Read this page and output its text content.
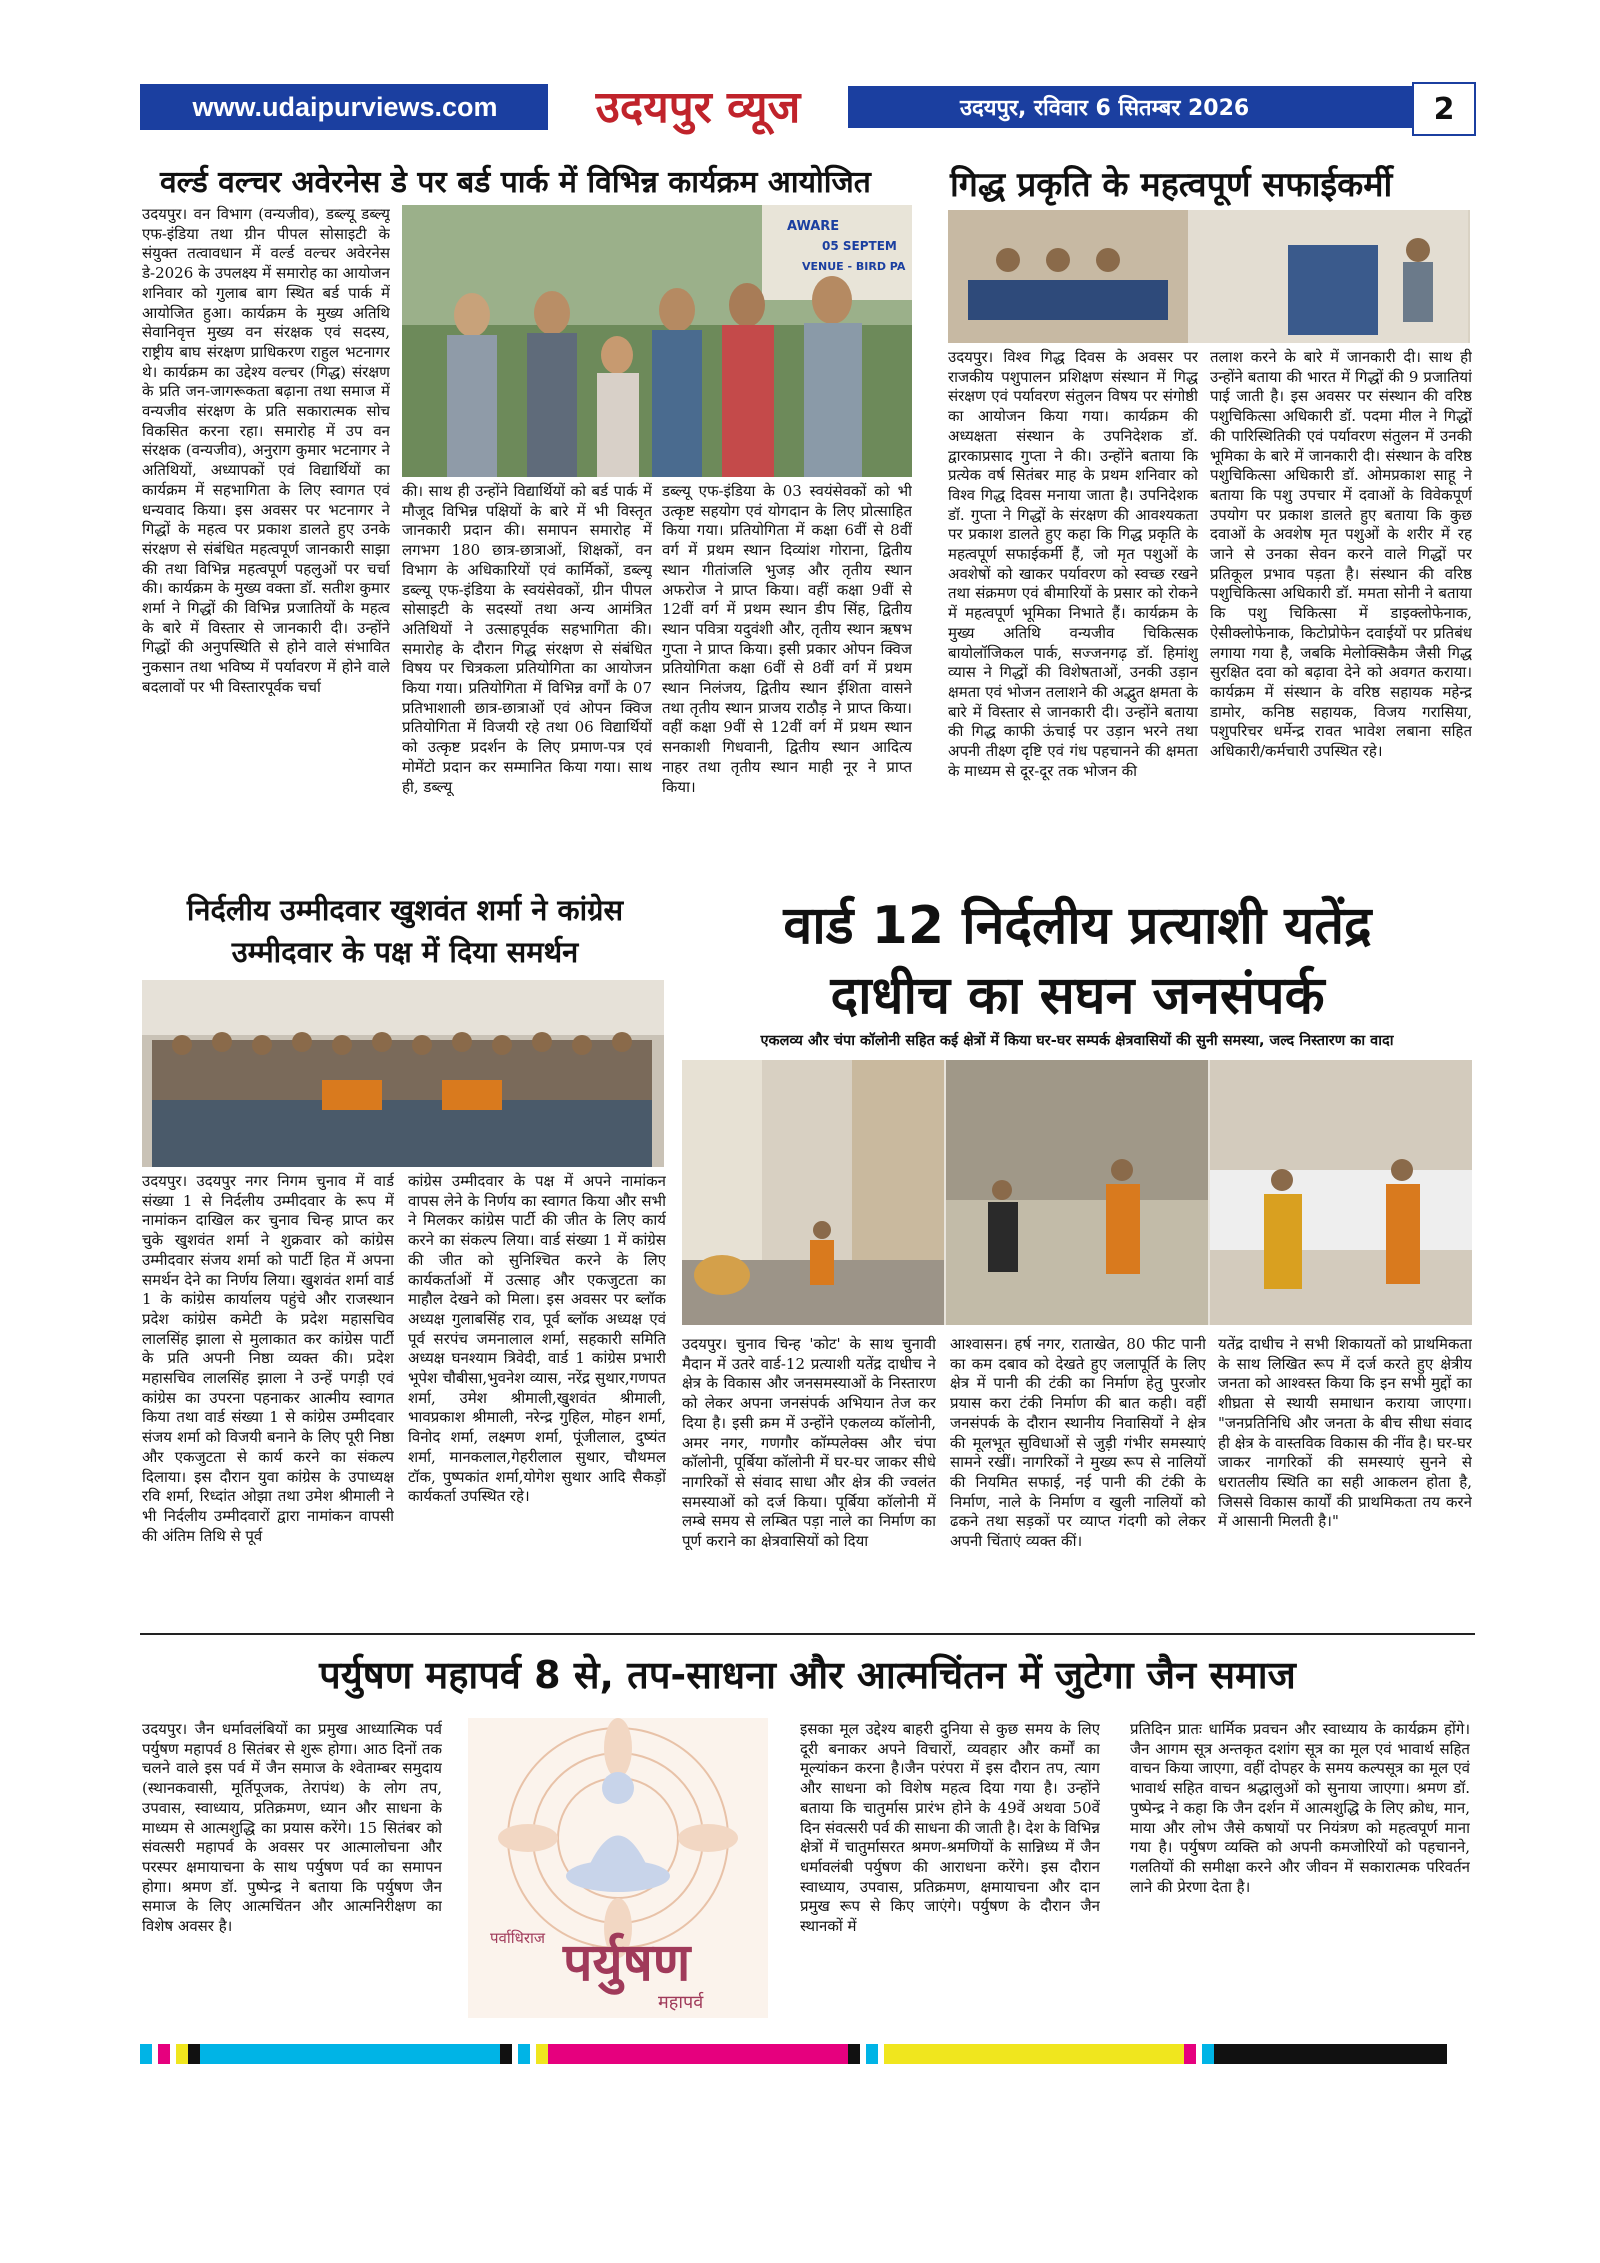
www.udaipurviews.com उदयपुर व्यूज	उदयपुर, रविवार 6 सितम्बर 2026	2
वर्ल्ड वल्चर अवेरनेस डे पर बर्ड पार्क में विभिन्न कार्यक्रम आयोजित
उदयपुर। वन विभाग (वन्यजीव), डब्ल्यू डब्ल्यू एफ-इंडिया तथा ग्रीन पीपल सोसाइटी के संयुक्त तत्वावधान में वर्ल्ड वल्चर अवेरनेस डे-2026 के उपलक्ष्य में समारोह का आयोजन शनिवार को गुलाब बाग स्थित बर्ड पार्क में आयोजित हुआ। कार्यक्रम के मुख्य अतिथि सेवानिवृत्त मुख्य वन संरक्षक एवं सदस्य, राष्ट्रीय बाघ संरक्षण प्राधिकरण राहुल भटनागर थे। कार्यक्रम का उद्देश्य वल्चर (गिद्ध) संरक्षण के प्रति जन-जागरूकता बढ़ाना तथा समाज में वन्यजीव संरक्षण के प्रति सकारात्मक सोच विकसित करना रहा। समारोह में उप वन संरक्षक (वन्यजीव), अनुराग कुमार भटनागर ने अतिथियों, अध्यापकों एवं विद्यार्थियों का कार्यक्रम में सहभागिता के लिए स्वागत एवं धन्यवाद किया। इस अवसर पर भटनागर ने गिद्धों के महत्व पर प्रकाश डालते हुए उनके संरक्षण से संबंधित महत्वपूर्ण जानकारी साझा की तथा विभिन्न महत्वपूर्ण पहलुओं पर चर्चा की। कार्यक्रम के मुख्य वक्ता डॉ. सतीश कुमार शर्मा ने गिद्धों की विभिन्न प्रजातियों के महत्व के बारे में विस्तार से जानकारी दी। उन्होंने गिद्धों की अनुपस्थिति से होने वाले संभावित नुकसान तथा भविष्य में पर्यावरण में होने वाले बदलावों पर भी विस्तारपूर्वक चर्चा
AWARE
05 SEPTEM
VENUE - BIRD PA
की। साथ ही उन्होंने विद्यार्थियों को बर्ड पार्क में मौजूद विभिन्न पक्षियों के बारे में भी विस्तृत जानकारी प्रदान की। समापन समारोह में लगभग 180 छात्र-छात्राओं, शिक्षकों, वन विभाग के अधिकारियों एवं कार्मिकों, डब्ल्यू डब्ल्यू एफ-इंडिया के स्वयंसेवकों, ग्रीन पीपल सोसाइटी के सदस्यों तथा अन्य आमंत्रित अतिथियों ने उत्साहपूर्वक सहभागिता की। समारोह के दौरान गिद्ध संरक्षण से संबंधित विषय पर चित्रकला प्रतियोगिता का आयोजन किया गया। प्रतियोगिता में विभिन्न वर्गों के 07 प्रतिभाशाली छात्र-छात्राओं एवं ओपन क्विज प्रतियोगिता में विजयी रहे तथा 06 विद्यार्थियों को उत्कृष्ट प्रदर्शन के लिए प्रमाण-पत्र एवं मोमेंटो प्रदान कर सम्मानित किया गया। साथ ही, डब्ल्यू
डब्ल्यू एफ-इंडिया के 03 स्वयंसेवकों को भी उत्कृष्ट सहयोग एवं योगदान के लिए प्रोत्साहित किया गया। प्रतियोगिता में कक्षा 6वीं से 8वीं वर्ग में प्रथम स्थान दिव्यांश गोराना, द्वितीय स्थान गीतांजलि भुजड़ और तृतीय स्थान अफरोज ने प्राप्त किया। वहीं कक्षा 9वीं से 12वीं वर्ग में प्रथम स्थान डीप सिंह, द्वितीय स्थान पवित्रा यदुवंशी और, तृतीय स्थान ऋषभ गुप्ता ने प्राप्त किया। इसी प्रकार ओपन क्विज प्रतियोगिता कक्षा 6वीं से 8वीं वर्ग में प्रथम स्थान निलंजय, द्वितीय स्थान ईशिता वासने तथा तृतीय स्थान प्राजय राठौड़ ने प्राप्त किया। वहीं कक्षा 9वीं से 12वीं वर्ग में प्रथम स्थान सनकाशी गिधवानी, द्वितीय स्थान आदित्य नाहर तथा तृतीय स्थान माही नूर ने प्राप्त किया।
गिद्ध प्रकृति के महत्वपूर्ण सफाईकर्मी
उदयपुर। विश्व गिद्ध दिवस के अवसर पर राजकीय पशुपालन प्रशिक्षण संस्थान में गिद्ध संरक्षण एवं पर्यावरण संतुलन विषय पर संगोष्ठी का आयोजन किया गया। कार्यक्रम की अध्यक्षता संस्थान के उपनिदेशक डॉ. द्वारकाप्रसाद गुप्ता ने की। उन्होंने बताया कि प्रत्येक वर्ष सितंबर माह के प्रथम शनिवार को विश्व गिद्ध दिवस मनाया जाता है। उपनिदेशक डॉ. गुप्ता ने गिद्धों के संरक्षण की आवश्यकता पर प्रकाश डालते हुए कहा कि गिद्ध प्रकृति के महत्वपूर्ण सफाईकर्मी हैं, जो मृत पशुओं के अवशेषों को खाकर पर्यावरण को स्वच्छ रखने तथा संक्रमण एवं बीमारियों के प्रसार को रोकने में महत्वपूर्ण भूमिका निभाते हैं। कार्यक्रम के मुख्य अतिथि वन्यजीव चिकित्सक बायोलॉजिकल पार्क, सज्जनगढ़ डॉ. हिमांशु व्यास ने गिद्धों की विशेषताओं, उनकी उड़ान क्षमता एवं भोजन तलाशने की अद्भुत क्षमता के बारे में विस्तार से जानकारी दी। उन्होंने बताया की गिद्ध काफी ऊंचाई पर उड़ान भरने तथा अपनी तीक्ष्ण दृष्टि एवं गंध पहचानने की क्षमता के माध्यम से दूर-दूर तक भोजन की
तलाश करने के बारे में जानकारी दी। साथ ही उन्होंने बताया की भारत में गिद्धों की 9 प्रजातियां पाई जाती है। इस अवसर पर संस्थान की वरिष्ठ पशुचिकित्सा अधिकारी डॉ. पदमा मील ने गिद्धों की पारिस्थितिकी एवं पर्यावरण संतुलन में उनकी भूमिका के बारे में जानकारी दी। संस्थान के वरिष्ठ पशुचिकित्सा अधिकारी डॉ. ओमप्रकाश साहू ने बताया कि पशु उपचार में दवाओं के विवेकपूर्ण उपयोग पर प्रकाश डालते हुए बताया कि कुछ दवाओं के अवशेष मृत पशुओं के शरीर में रह जाने से उनका सेवन करने वाले गिद्धों पर प्रतिकूल प्रभाव पड़ता है। संस्थान की वरिष्ठ पशुचिकित्सा अधिकारी डॉ. ममता सोनी ने बताया कि पशु चिकित्सा में डाइक्लोफेनाक, ऐसीक्लोफेनाक, किटोप्रोफेन दवाईयों पर प्रतिबंध लगाया गया है, जबकि मेलोक्सिकैम जैसी गिद्ध सुरक्षित दवा को बढ़ावा देने को अवगत कराया। कार्यक्रम में संस्थान के वरिष्ठ सहायक महेन्द्र डामोर, कनिष्ठ सहायक, विजय गरासिया, पशुपरिचर धर्मेन्द्र रावत भावेश लबाना सहित अधिकारी/कर्मचारी उपस्थित रहे।
निर्दलीय उम्मीदवार खुशवंत शर्मा ने कांग्रेस
उम्मीदवार के पक्ष में दिया समर्थन
उदयपुर। उदयपुर नगर निगम चुनाव में वार्ड संख्या 1 से निर्दलीय उम्मीदवार के रूप में नामांकन दाखिल कर चुनाव चिन्ह प्राप्त कर चुके खुशवंत शर्मा ने शुक्रवार को कांग्रेस उम्मीदवार संजय शर्मा को पार्टी हित में अपना समर्थन देने का निर्णय लिया। खुशवंत शर्मा वार्ड 1 के कांग्रेस कार्यालय पहुंचे और राजस्थान प्रदेश कांग्रेस कमेटी के प्रदेश महासचिव लालसिंह झाला से मुलाकात कर कांग्रेस पार्टी के प्रति अपनी निष्ठा व्यक्त की। प्रदेश महासचिव लालसिंह झाला ने उन्हें पगड़ी एवं कांग्रेस का उपरना पहनाकर आत्मीय स्वागत किया तथा वार्ड संख्या 1 से कांग्रेस उम्मीदवार संजय शर्मा को विजयी बनाने के लिए पूरी निष्ठा और एकजुटता से कार्य करने का संकल्प दिलाया। इस दौरान युवा कांग्रेस के उपाध्यक्ष रवि शर्मा, रिध्दांत ओझा तथा उमेश श्रीमाली ने भी निर्दलीय उम्मीदवारों द्वारा नामांकन वापसी की अंतिम तिथि से पूर्व
कांग्रेस उम्मीदवार के पक्ष में अपने नामांकन वापस लेने के निर्णय का स्वागत किया और सभी ने मिलकर कांग्रेस पार्टी की जीत के लिए कार्य करने का संकल्प लिया। वार्ड संख्या 1 में कांग्रेस की जीत को सुनिश्चित करने के लिए कार्यकर्ताओं में उत्साह और एकजुटता का माहौल देखने को मिला। इस अवसर पर ब्लॉक अध्यक्ष गुलाबसिंह राव, पूर्व ब्लॉक अध्यक्ष एवं पूर्व सरपंच जमनालाल शर्मा, सहकारी समिति अध्यक्ष घनश्याम त्रिवेदी, वार्ड 1 कांग्रेस प्रभारी भूपेश चौबीसा,भुवनेश व्यास, नरेंद्र सुथार,गणपत शर्मा, उमेश श्रीमाली,खुशवंत श्रीमाली, भावप्रकाश श्रीमाली, नरेन्द्र गुहिल, मोहन शर्मा, विनोद शर्मा, लक्ष्मण शर्मा, पूंजीलाल, दुष्यंत शर्मा, मानकलाल,गेहरीलाल सुथार, चौथमल टॉक, पुष्पकांत शर्मा,योगेश सुथार आदि सैकड़ों कार्यकर्ता उपस्थित रहे।
वार्ड 12 निर्दलीय प्रत्याशी यतेंद्र
दाधीच का सघन जनसंपर्क
एकलव्य और चंपा कॉलोनी सहित कई क्षेत्रों में किया घर-घर सम्पर्क क्षेत्रवासियों की सुनी समस्या, जल्द निस्तारण का वादा
उदयपुर। चुनाव चिन्ह 'कोट' के साथ चुनावी मैदान में उतरे वार्ड-12 प्रत्याशी यतेंद्र दाधीच ने क्षेत्र के विकास और जनसमस्याओं के निस्तारण को लेकर अपना जनसंपर्क अभियान तेज कर दिया है। इसी क्रम में उन्होंने एकलव्य कॉलोनी, अमर नगर, गणगौर कॉम्पलेक्स और चंपा कॉलोनी, पूर्बिया कॉलोनी में घर-घर जाकर सीधे नागरिकों से संवाद साधा और क्षेत्र की ज्वलंत समस्याओं को दर्ज किया। पूर्बिया कॉलोनी में लम्बे समय से लम्बित पड़ा नाले का निर्माण का पूर्ण कराने का क्षेत्रवासियों को दिया
आश्वासन। हर्ष नगर, राताखेत, 80 फीट पानी का कम दबाव को देखते हुए जलापूर्ति के लिए क्षेत्र में पानी की टंकी का निर्माण हेतु पुरजोर प्रयास करा टंकी निर्माण की बात कही। वहीं जनसंपर्क के दौरान स्थानीय निवासियों ने क्षेत्र की मूलभूत सुविधाओं से जुड़ी गंभीर समस्याएं सामने रखीं। नागरिकों ने मुख्य रूप से नालियों की नियमित सफाई, नई पानी की टंकी के निर्माण, नाले के निर्माण व खुली नालियों को ढकने तथा सड़कों पर व्याप्त गंदगी को लेकर अपनी चिंताएं व्यक्त कीं।
यतेंद्र दाधीच ने सभी शिकायतों को प्राथमिकता के साथ लिखित रूप में दर्ज करते हुए क्षेत्रीय जनता को आश्वस्त किया कि इन सभी मुद्दों का शीघ्रता से स्थायी समाधान कराया जाएगा। "जनप्रतिनिधि और जनता के बीच सीधा संवाद ही क्षेत्र के वास्तविक विकास की नींव है। घर-घर जाकर नागरिकों की समस्याएं सुनने से धरातलीय स्थिति का सही आकलन होता है, जिससे विकास कार्यों की प्राथमिकता तय करने में आसानी मिलती है।"
पर्युषण महापर्व 8 से, तप-साधना और आत्मचिंतन में जुटेगा जैन समाज
उदयपुर। जैन धर्मावलंबियों का प्रमुख आध्यात्मिक पर्व पर्युषण महापर्व 8 सितंबर से शुरू होगा। आठ दिनों तक चलने वाले इस पर्व में जैन समाज के श्वेताम्बर समुदाय (स्थानकवासी, मूर्तिपूजक, तेरापंथ) के लोग तप, उपवास, स्वाध्याय, प्रतिक्रमण, ध्यान और साधना के माध्यम से आत्मशुद्धि का प्रयास करेंगे। 15 सितंबर को संवत्सरी महापर्व के अवसर पर आत्मालोचना और परस्पर क्षमायाचना के साथ पर्युषण पर्व का समापन होगा। श्रमण डॉ. पुष्पेन्द्र ने बताया कि पर्युषण जैन समाज के लिए आत्मचिंतन और आत्मनिरीक्षण का विशेष अवसर है।
पर्वाधिराज पर्युषण
महापर्व
इसका मूल उद्देश्य बाहरी दुनिया से कुछ समय के लिए दूरी बनाकर अपने विचारों, व्यवहार और कर्मों का मूल्यांकन करना है।जैन परंपरा में इस दौरान तप, त्याग और साधना को विशेष महत्व दिया गया है। उन्होंने बताया कि चातुर्मास प्रारंभ होने के 49वें अथवा 50वें दिन संवत्सरी पर्व की साधना की जाती है। देश के विभिन्न क्षेत्रों में चातुर्मासरत श्रमण-श्रमणियों के सान्निध्य में जैन धर्मावलंबी पर्युषण की आराधना करेंगे। इस दौरान स्वाध्याय, उपवास, प्रतिक्रमण, क्षमायाचना और दान प्रमुख रूप से किए जाएंगे। पर्युषण के दौरान जैन स्थानकों में
प्रतिदिन प्रातः धार्मिक प्रवचन और स्वाध्याय के कार्यक्रम होंगे। जैन आगम सूत्र अन्तकृत दशांग सूत्र का मूल एवं भावार्थ सहित वाचन किया जाएगा, वहीं दोपहर के समय कल्पसूत्र का मूल एवं भावार्थ सहित वाचन श्रद्धालुओं को सुनाया जाएगा। श्रमण डॉ. पुष्पेन्द्र ने कहा कि जैन दर्शन में आत्मशुद्धि के लिए क्रोध, मान, माया और लोभ जैसे कषायों पर नियंत्रण को महत्वपूर्ण माना गया है। पर्युषण व्यक्ति को अपनी कमजोरियों को पहचानने, गलतियों की समीक्षा करने और जीवन में सकारात्मक परिवर्तन लाने की प्रेरणा देता है।
